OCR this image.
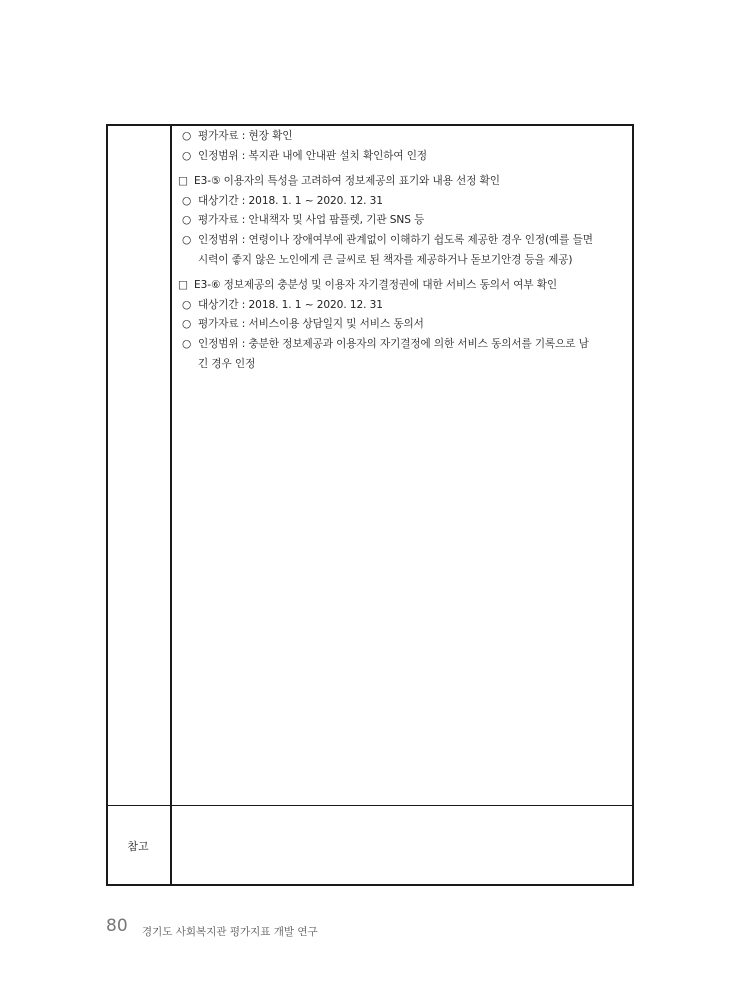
○ 평가자료 : 현장 확인
○ 인정범위 : 복지관 내에 안내판 설치 확인하여 인정
□ E3-⑤ 이용자의 특성을 고려하여 정보제공의 표기와 내용 선정 확인
○ 대상기간 : 2018. 1. 1 ~ 2020. 12. 31
○ 평가자료 : 안내책자 및 사업 팜플렛, 기관 SNS 등
○ 인정범위 : 연령이나 장애여부에 관계없이 이해하기 쉽도록 제공한 경우 인정(예를 들면
시력이 좋지 않은 노인에게 큰 글씨로 된 책자를 제공하거나 돋보기안경 등을 제공)
□ E3-⑥ 정보제공의 충분성 및 이용자 자기결정권에 대한 서비스 동의서 여부 확인
○ 대상기간 : 2018. 1. 1 ~ 2020. 12. 31
○ 평가자료 : 서비스이용 상담일지 및 서비스 동의서
○ 인정범위 : 충분한 정보제공과 이용자의 자기결정에 의한 서비스 동의서를 기록으로 남
긴 경우 인정
참고
80 경기도 사회복지관 평가지표 개발 연구
